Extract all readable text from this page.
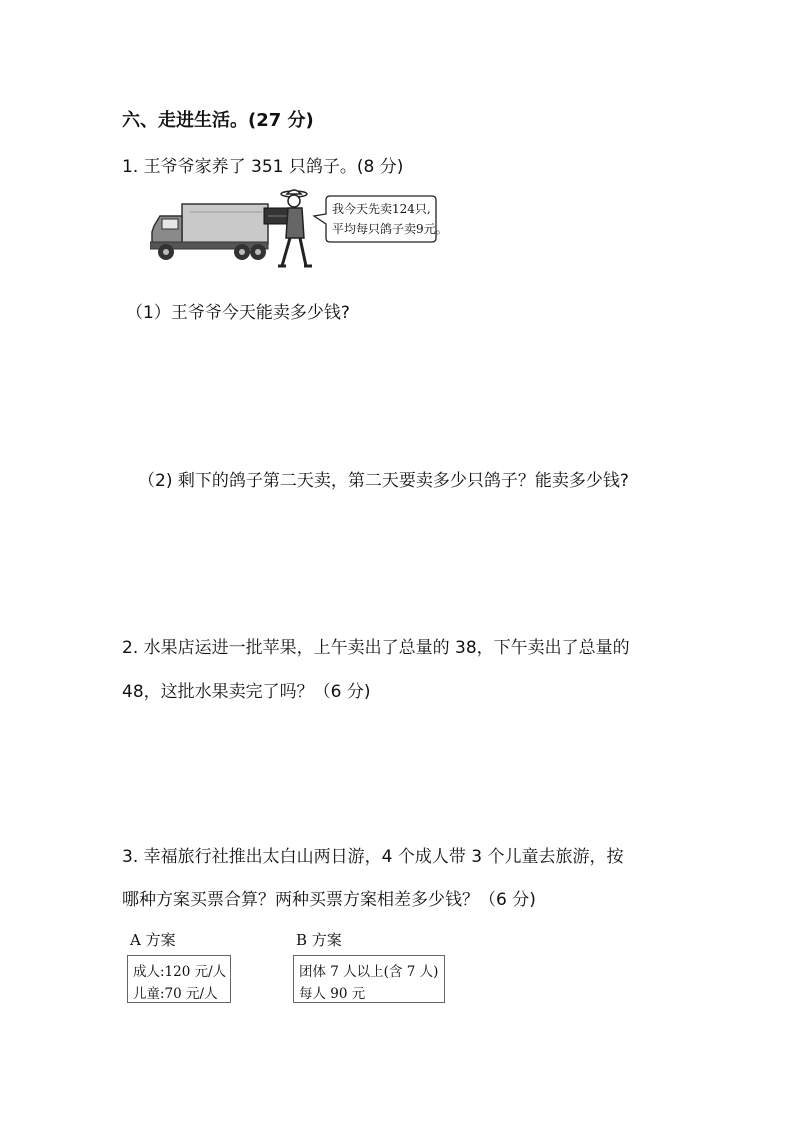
六、走进生活。(27 分)
1. 王爷爷家养了 351 只鸽子。(8 分)
我今天先卖124只,
平均每只鸽子卖9元。
（1）王爷爷今天能卖多少钱?
（2) 剩下的鸽子第二天卖，第二天要卖多少只鸽子？能卖多少钱?
2. 水果店运进一批苹果，上午卖出了总量的 38，下午卖出了总量的
48，这批水果卖完了吗？（6 分)
3. 幸福旅行社推出太白山两日游，4 个成人带 3 个儿童去旅游，按
哪种方案买票合算？两种买票方案相差多少钱？（6 分)
A 方案
成人:120 元/人
儿童:70 元/人
B 方案
团体 7 人以上(含 7 人)
每人 90 元
